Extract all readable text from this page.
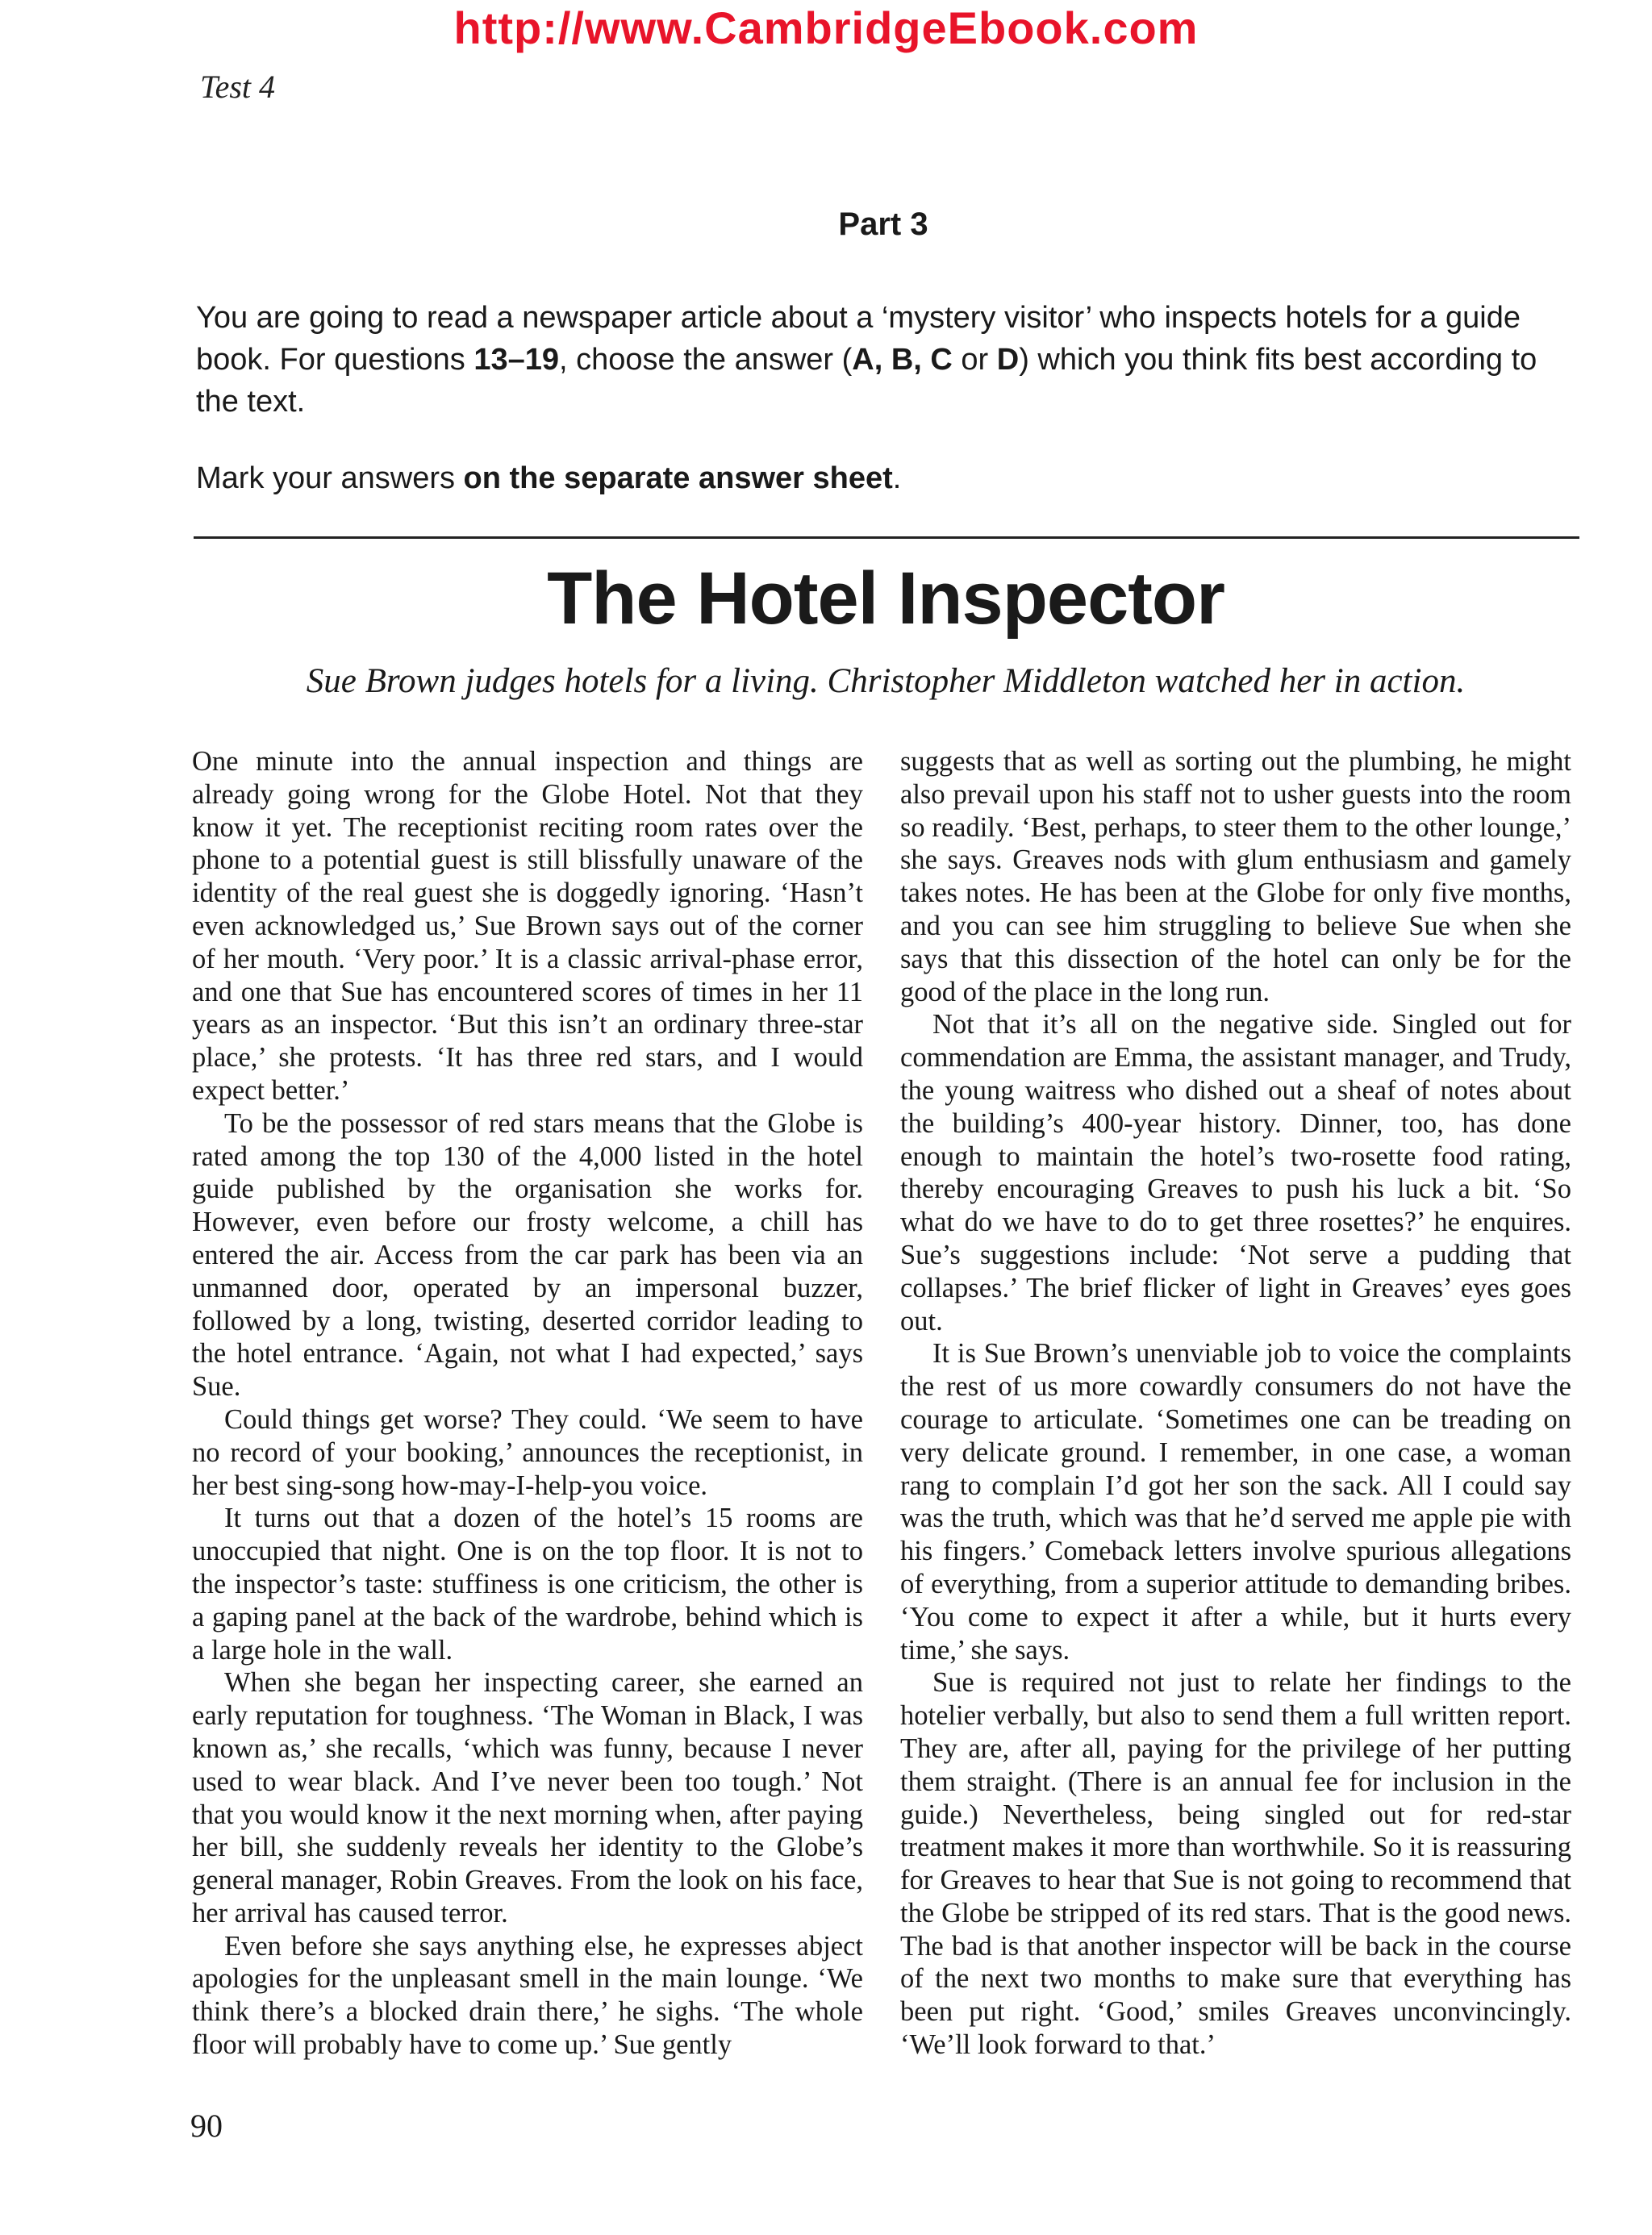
http://www.CambridgeEbook.com
Test 4
Part 3
You are going to read a newspaper article about a ‘mystery visitor’ who inspects hotels for a guide book. For questions 13–19, choose the answer (A, B, C or D) which you think fits best according to the text.
Mark your answers on the separate answer sheet.
The Hotel Inspector
Sue Brown judges hotels for a living. Christopher Middleton watched her in action.

One minute into the annual inspection and things are already going wrong for the Globe Hotel. Not that they know it yet. The receptionist reciting room rates over the phone to a potential guest is still blissfully unaware of the identity of the real guest she is doggedly ignoring. ‘Hasn’t even acknowledged us,’ Sue Brown says out of the corner of her mouth. ‘Very poor.’ It is a classic arrival-phase error, and one that Sue has encountered scores of times in her 11 years as an inspector. ‘But this isn’t an ordinary three-star place,’ she protests. ‘It has three red stars, and I would expect better.’

To be the possessor of red stars means that the Globe is rated among the top 130 of the 4,000 listed in the hotel guide published by the organisation she works for. However, even before our frosty welcome, a chill has entered the air. Access from the car park has been via an unmanned door, operated by an impersonal buzzer, followed by a long, twisting, deserted corridor leading to the hotel entrance. ‘Again, not what I had expected,’ says Sue.

Could things get worse? They could. ‘We seem to have no record of your booking,’ announces the receptionist, in her best sing-song how-may-I-help-you voice.

It turns out that a dozen of the hotel’s 15 rooms are unoccupied that night. One is on the top floor. It is not to the inspector’s taste: stuffiness is one criticism, the other is a gaping panel at the back of the wardrobe, behind which is a large hole in the wall.

When she began her inspecting career, she earned an early reputation for toughness. ‘The Woman in Black, I was known as,’ she recalls, ‘which was funny, because I never used to wear black. And I’ve never been too tough.’ Not that you would know it the next morning when, after paying her bill, she suddenly reveals her identity to the Globe’s general manager, Robin Greaves. From the look on his face, her arrival has caused terror.

Even before she says anything else, he expresses abject apologies for the unpleasant smell in the main lounge. ‘We think there’s a blocked drain there,’ he sighs. ‘The whole floor will probably have to come up.’ Sue gently

suggests that as well as sorting out the plumbing, he might also prevail upon his staff not to usher guests into the room so readily. ‘Best, perhaps, to steer them to the other lounge,’ she says. Greaves nods with glum enthusiasm and gamely takes notes. He has been at the Globe for only five months, and you can see him struggling to believe Sue when she says that this dissection of the hotel can only be for the good of the place in the long run.

Not that it’s all on the negative side. Singled out for commendation are Emma, the assistant manager, and Trudy, the young waitress who dished out a sheaf of notes about the building’s 400-year history. Dinner, too, has done enough to maintain the hotel’s two-rosette food rating, thereby encouraging Greaves to push his luck a bit. ‘So what do we have to do to get three rosettes?’ he enquires. Sue’s suggestions include: ‘Not serve a pudding that collapses.’ The brief flicker of light in Greaves’ eyes goes out.

It is Sue Brown’s unenviable job to voice the complaints the rest of us more cowardly consumers do not have the courage to articulate. ‘Sometimes one can be treading on very delicate ground. I remember, in one case, a woman rang to complain I’d got her son the sack. All I could say was the truth, which was that he’d served me apple pie with his fingers.’ Comeback letters involve spurious allegations of everything, from a superior attitude to demanding bribes. ‘You come to expect it after a while, but it hurts every time,’ she says.

Sue is required not just to relate her findings to the hotelier verbally, but also to send them a full written report. They are, after all, paying for the privilege of her putting them straight. (There is an annual fee for inclusion in the guide.) Nevertheless, being singled out for red-star treatment makes it more than worthwhile. So it is reassuring for Greaves to hear that Sue is not going to recommend that the Globe be stripped of its red stars. That is the good news. The bad is that another inspector will be back in the course of the next two months to make sure that everything has been put right. ‘Good,’ smiles Greaves unconvincingly. ‘We’ll look forward to that.’

90
